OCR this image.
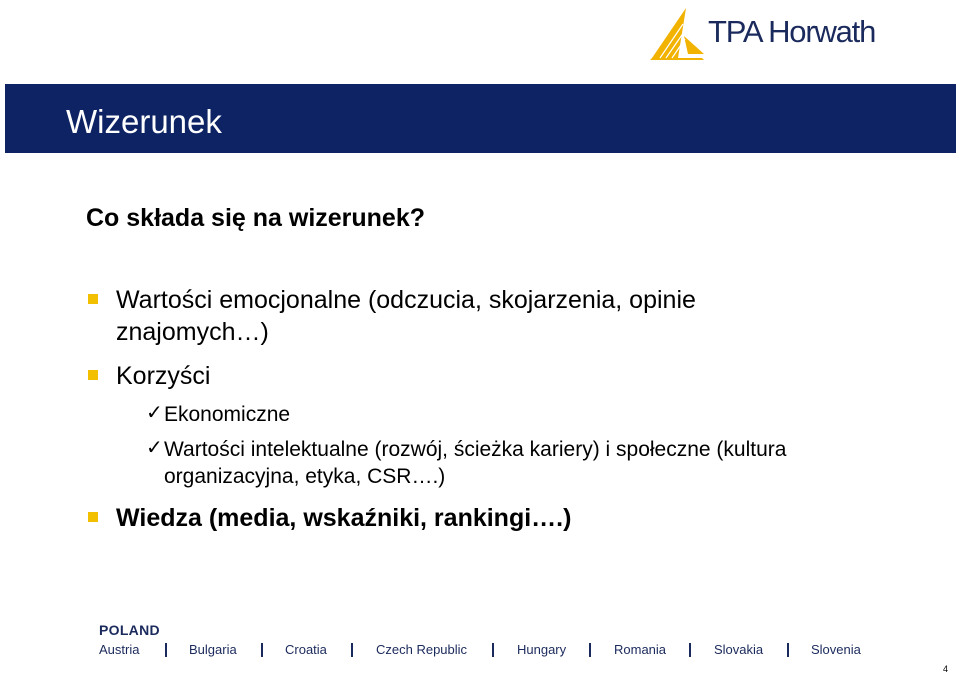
TPA Horwath
Wizerunek
Co składa się na wizerunek?
Wartości emocjonalne (odczucia, skojarzenia, opinie
znajomych…)
Korzyści
✓ Ekonomiczne
✓ Wartości intelektualne (rozwój, ścieżka kariery) i społeczne (kultura
organizacyjna, etyka, CSR….)
Wiedza (media, wskaźniki, rankingi….)
POLAND
Austria	Bulgaria	Croatia	Czech Republic	Hungary	Romania	Slovakia	Slovenia
4
